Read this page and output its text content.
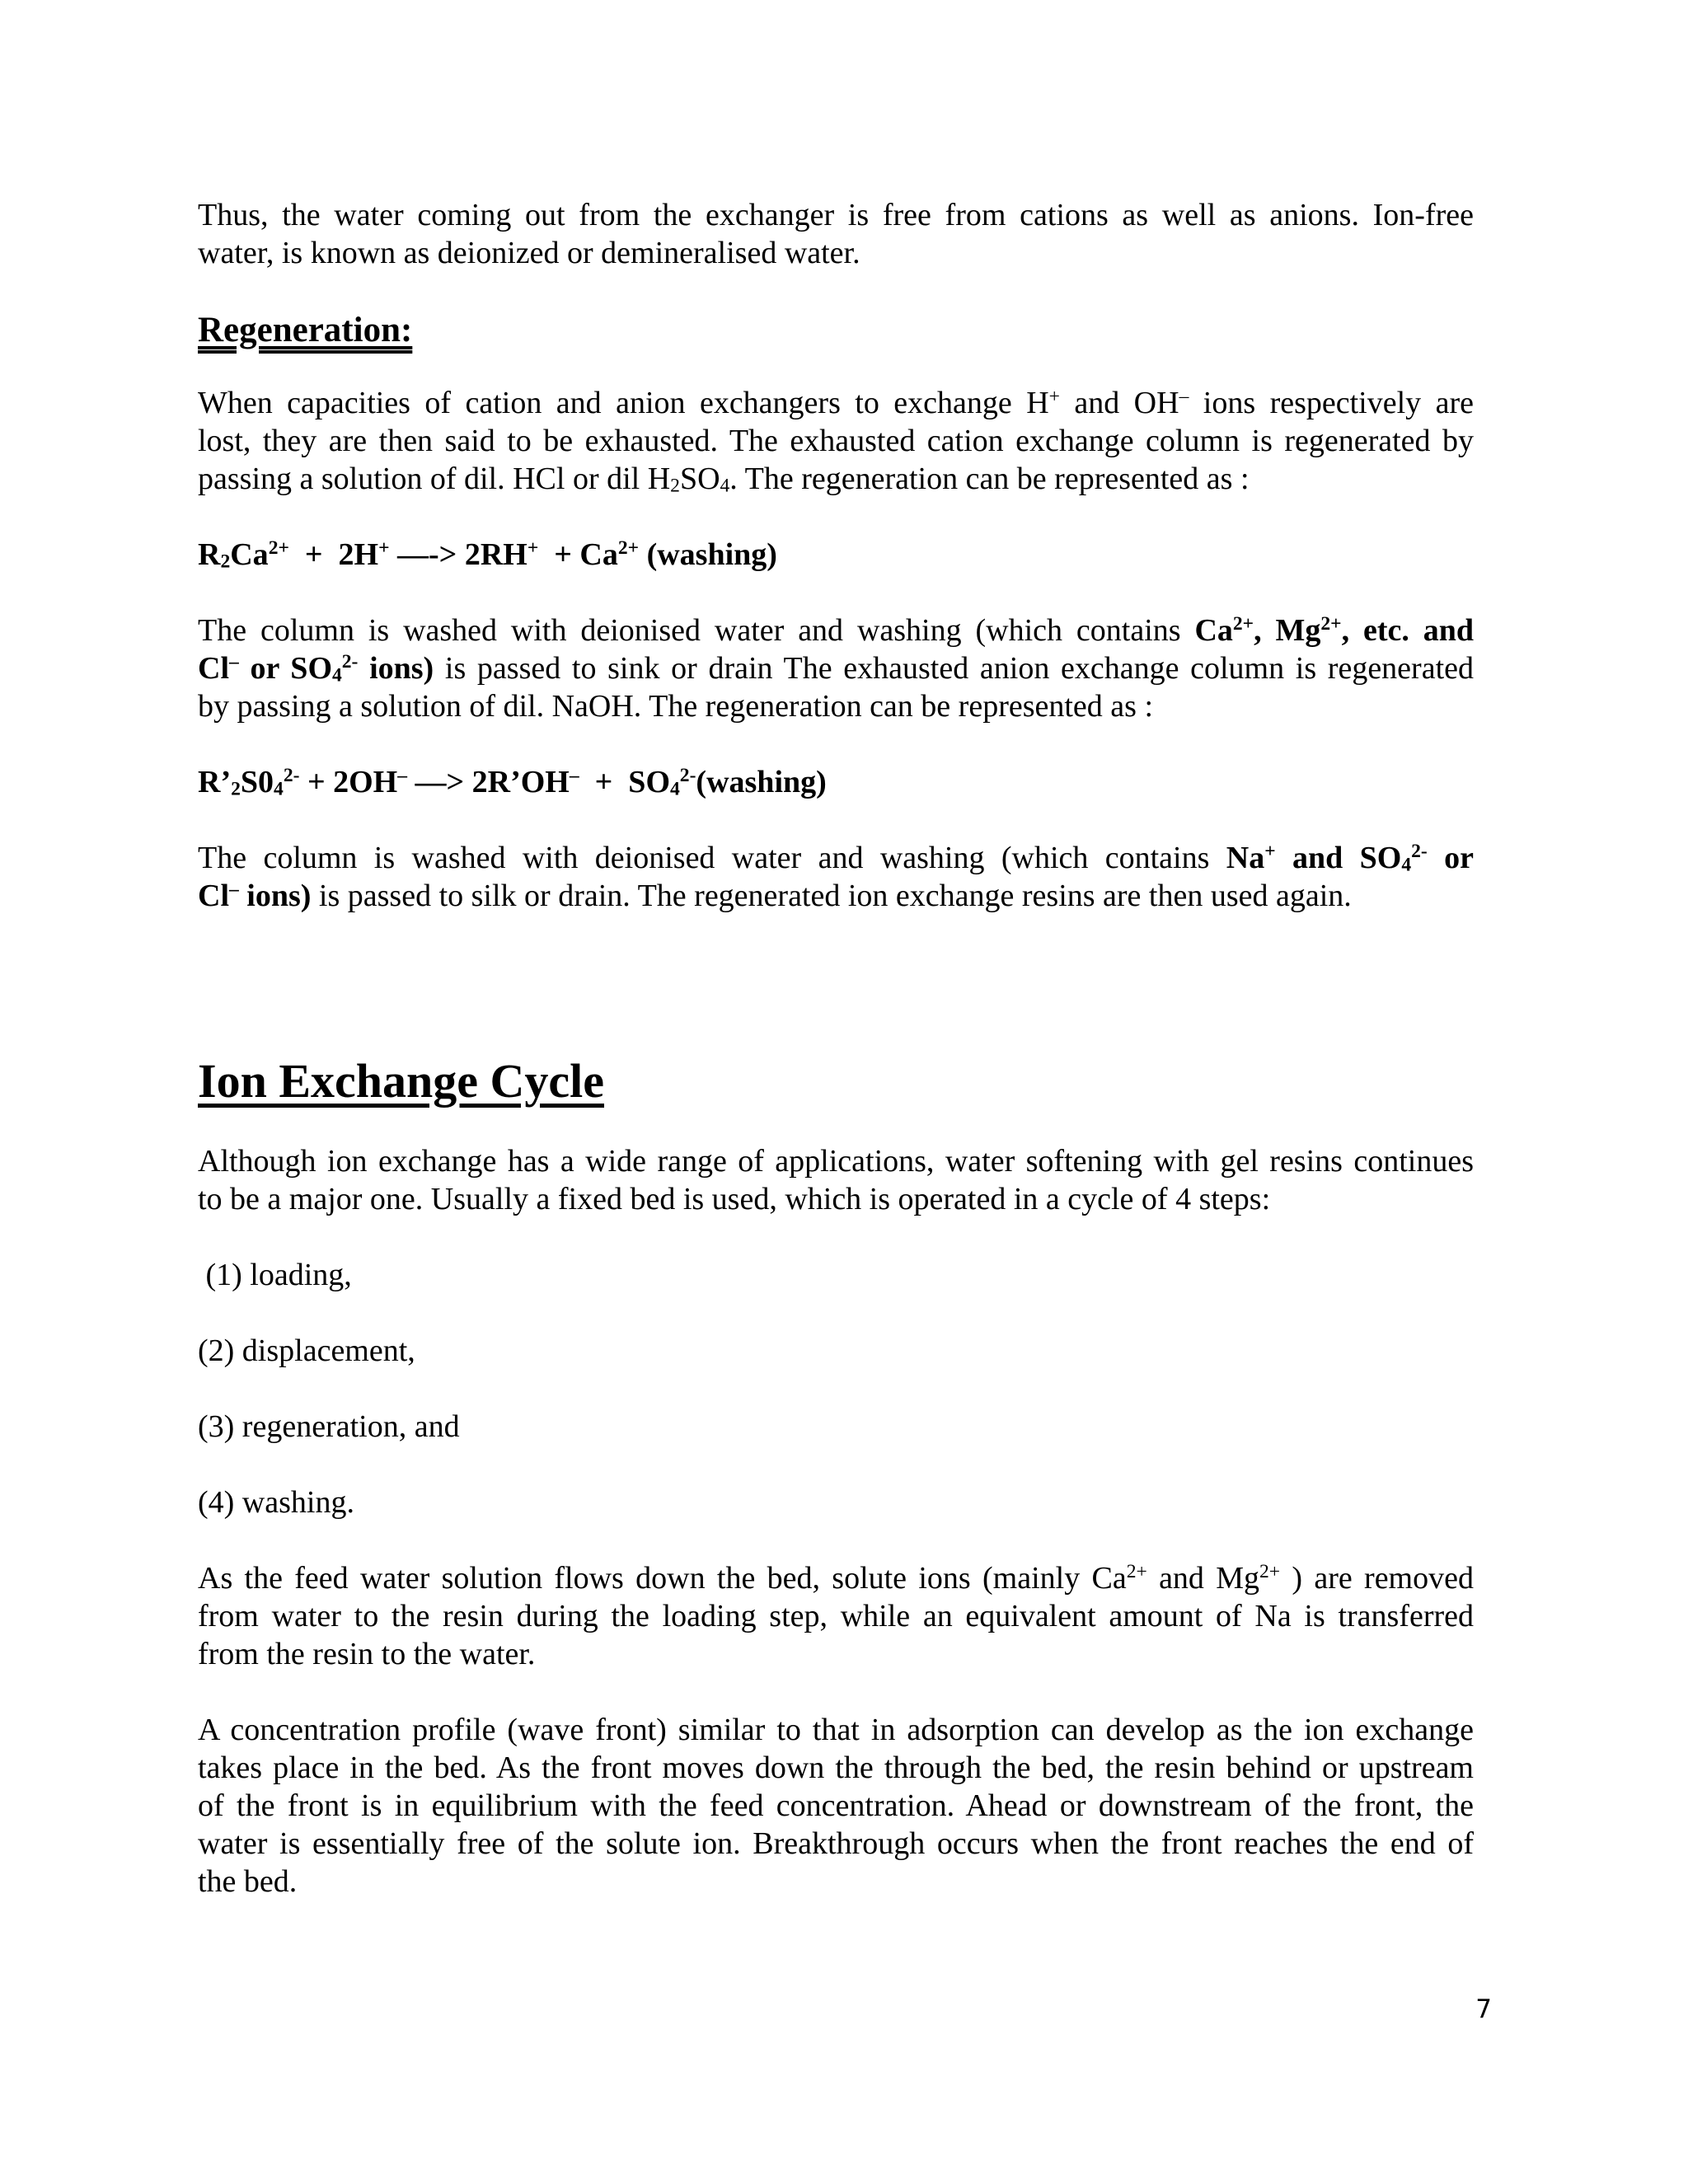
Thus, the water coming out from the exchanger is free from cations as well as anions. Ion-free

water, is known as deionized or demineralised water.

Regeneration:

When capacities of cation and anion exchangers to exchange H+ and OH– ions respectively are

lost, they are then said to be exhausted. The exhausted cation exchange column is regenerated by

passing a solution of dil. HCl or dil $H_2SO_4$. The regeneration can be represented as :

$R_2Ca^{2+} + 2H^+$ —-> $2RH^+ + Ca^{2+}$ (washing)

The column is washed with deionised water and washing (which contains $Ca^{2+}$, $Mg^{2+}$, etc. and

Cl– or $SO_4^{2-}$ ions) is passed to sink or drain The exhausted anion exchange column is regenerated

by passing a solution of dil. NaOH. The regeneration can be represented as :

$R’_2S0_4^{2-} + 2OH^-$ —> 2R’OH–  +  $SO_4^{2-}(washing)$

The column is washed with deionised water and washing (which contains Na+ and $SO_4^{2-}$ or

Cl– ions) is passed to silk or drain. The regenerated ion exchange resins are then used again.

Ion Exchange Cycle

Although ion exchange has a wide range of applications, water softening with gel resins continues

to be a major one. Usually a fixed bed is used, which is operated in a cycle of 4 steps:

(1) loading,
(2) displacement,
(3) regeneration, and
(4) washing.

As the feed water solution flows down the bed, solute ions (mainly $Ca^{2+}$ and $Mg^{2+}$ ) are removed

from water to the resin during the loading step, while an equivalent amount of Na is transferred

from the resin to the water.

A concentration profile (wave front) similar to that in adsorption can develop as the ion exchange

takes place in the bed. As the front moves down the through the bed, the resin behind or upstream

of the front is in equilibrium with the feed concentration. Ahead or downstream of the front, the

water is essentially free of the solute ion. Breakthrough occurs when the front reaches the end of

the bed.

7
